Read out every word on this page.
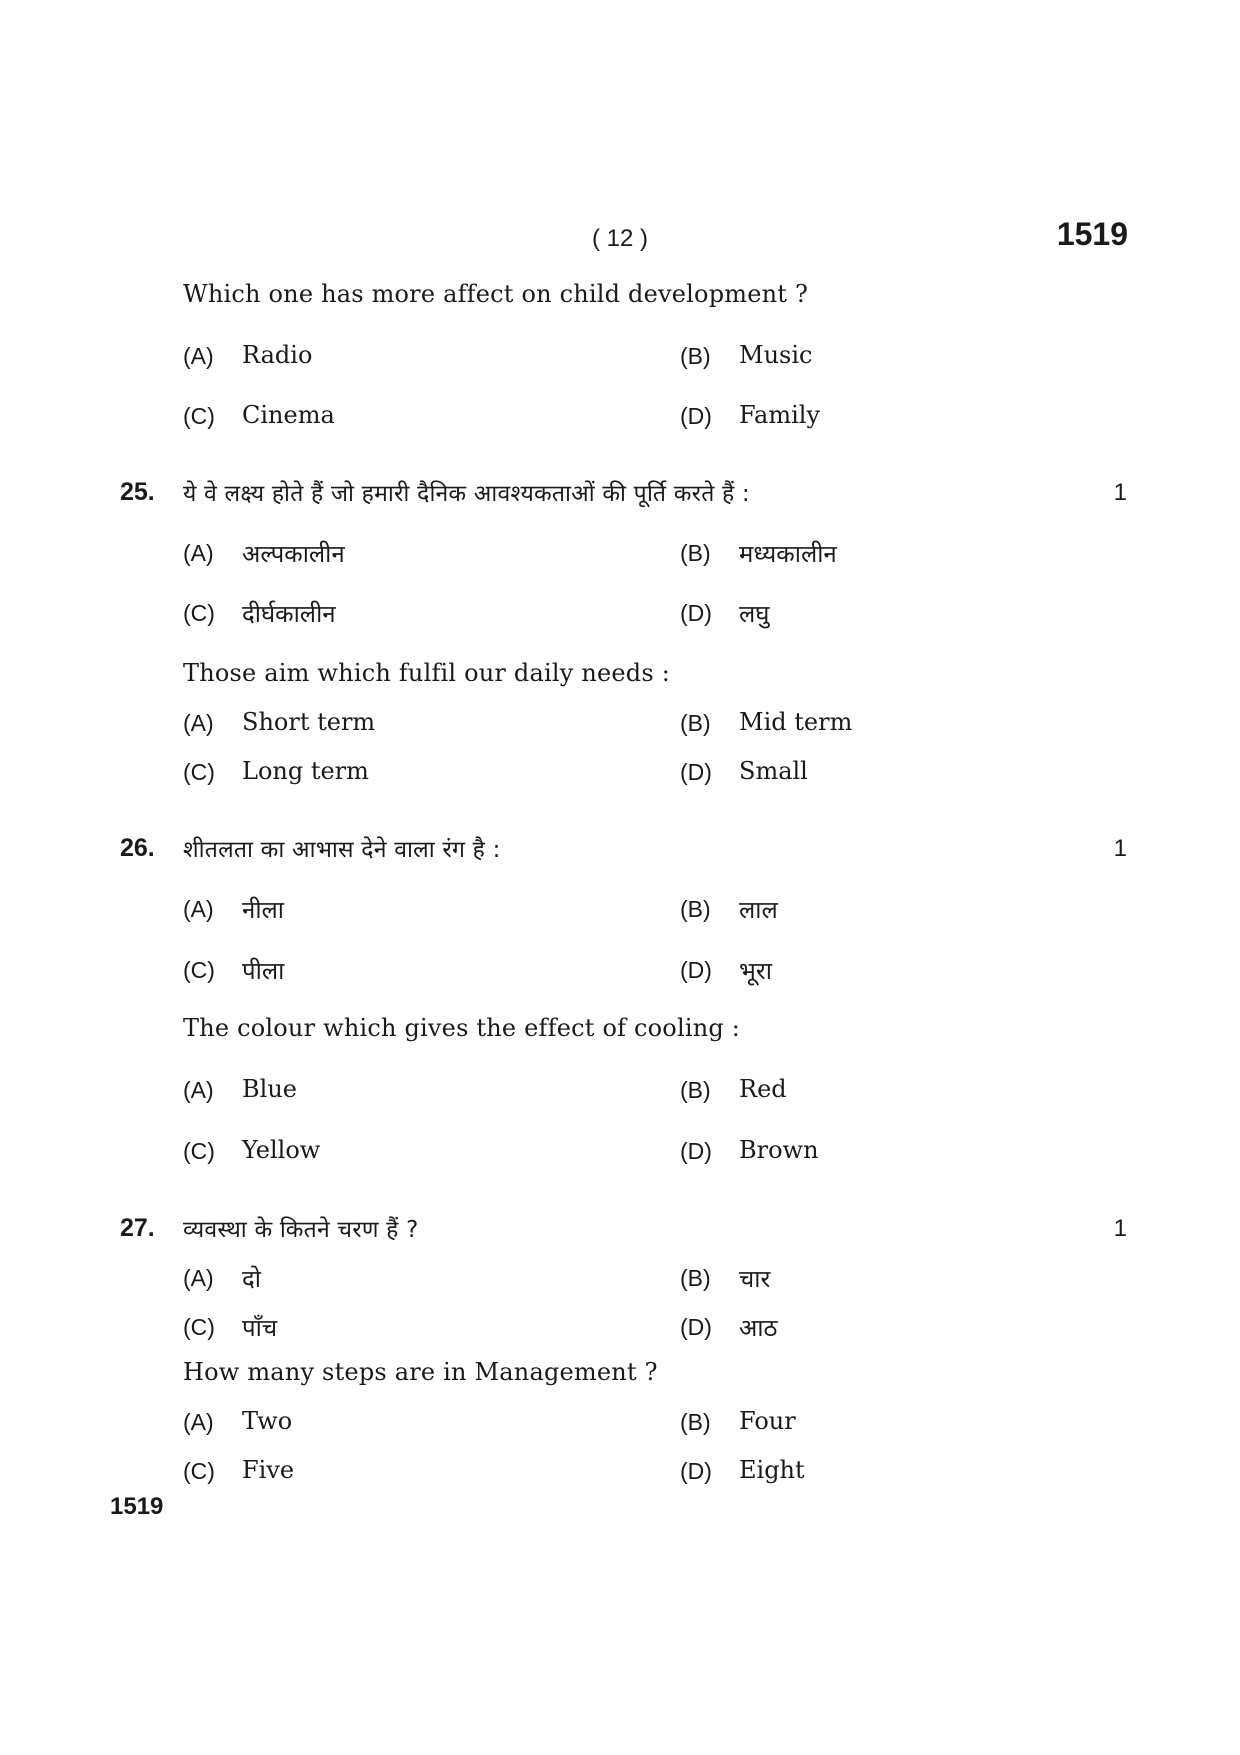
( 12 )	1519
Which one has more affect on child development ?
(A) Radio	(B) Music
(C) Cinema	(D) Family
25. ये वे लक्ष्य होते हैं जो हमारी दैनिक आवश्यकताओं की पूर्ति करते हैं :	1
(A) अल्पकालीन	(B) मध्यकालीन
(C) दीर्घकालीन	(D) लघु
Those aim which fulfil our daily needs :
(A) Short term	(B) Mid term
(C) Long term	(D) Small
26. शीतलता का आभास देने वाला रंग है :	1
(A) नीला	(B) लाल
(C) पीला	(D) भूरा
The colour which gives the effect of cooling :
(A) Blue	(B) Red
(C) Yellow	(D) Brown
27. व्यवस्था के कितने चरण हैं ?	1
(A) दो	(B) चार
(C) पाँच	(D) आठ
How many steps are in Management ?
(A) Two	(B) Four
(C) Five	(D) Eight
1519
